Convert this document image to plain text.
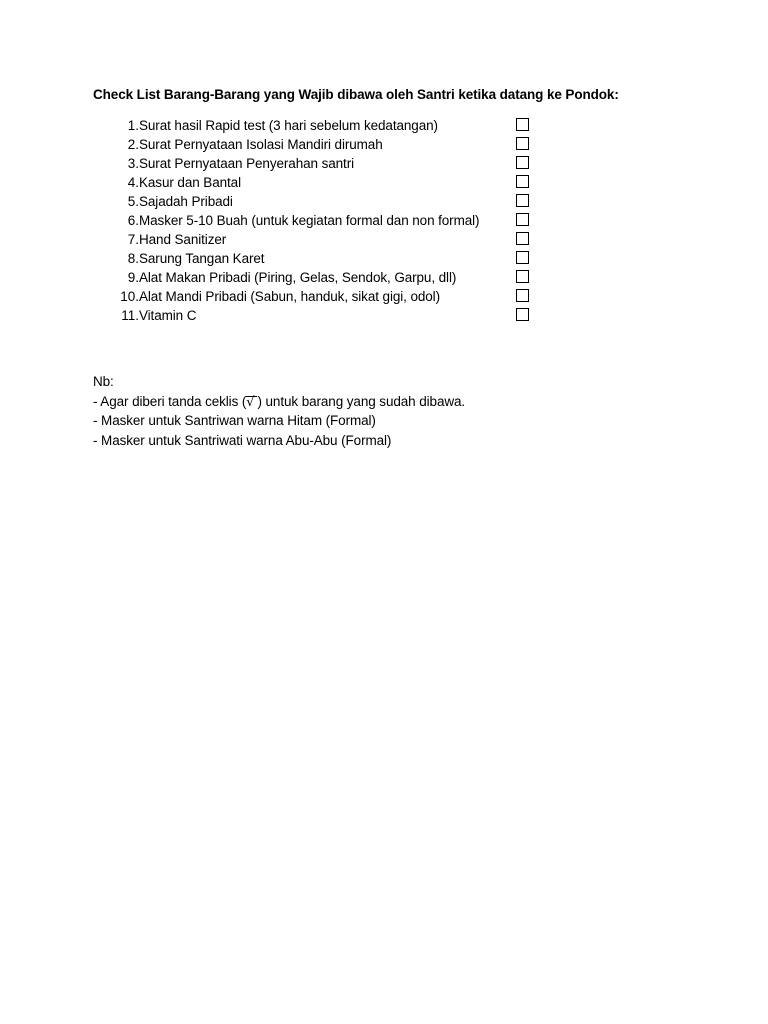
Check List Barang-Barang yang Wajib dibawa oleh Santri ketika datang ke Pondok:
1. Surat hasil Rapid test (3 hari sebelum kedatangan)
2. Surat Pernyataan Isolasi Mandiri dirumah
3. Surat Pernyataan Penyerahan santri
4. Kasur dan Bantal
5. Sajadah Pribadi
6. Masker 5-10 Buah (untuk kegiatan formal dan non formal)
7. Hand Sanitizer
8. Sarung Tangan Karet
9. Alat Makan Pribadi (Piring, Gelas, Sendok, Garpu, dll)
10. Alat Mandi Pribadi (Sabun, handuk, sikat gigi, odol)
11. Vitamin C
Nb:
- Agar diberi tanda ceklis (√ ) untuk barang yang sudah dibawa.
- Masker untuk Santriwan warna Hitam (Formal)
- Masker untuk Santriwati warna Abu-Abu (Formal)
